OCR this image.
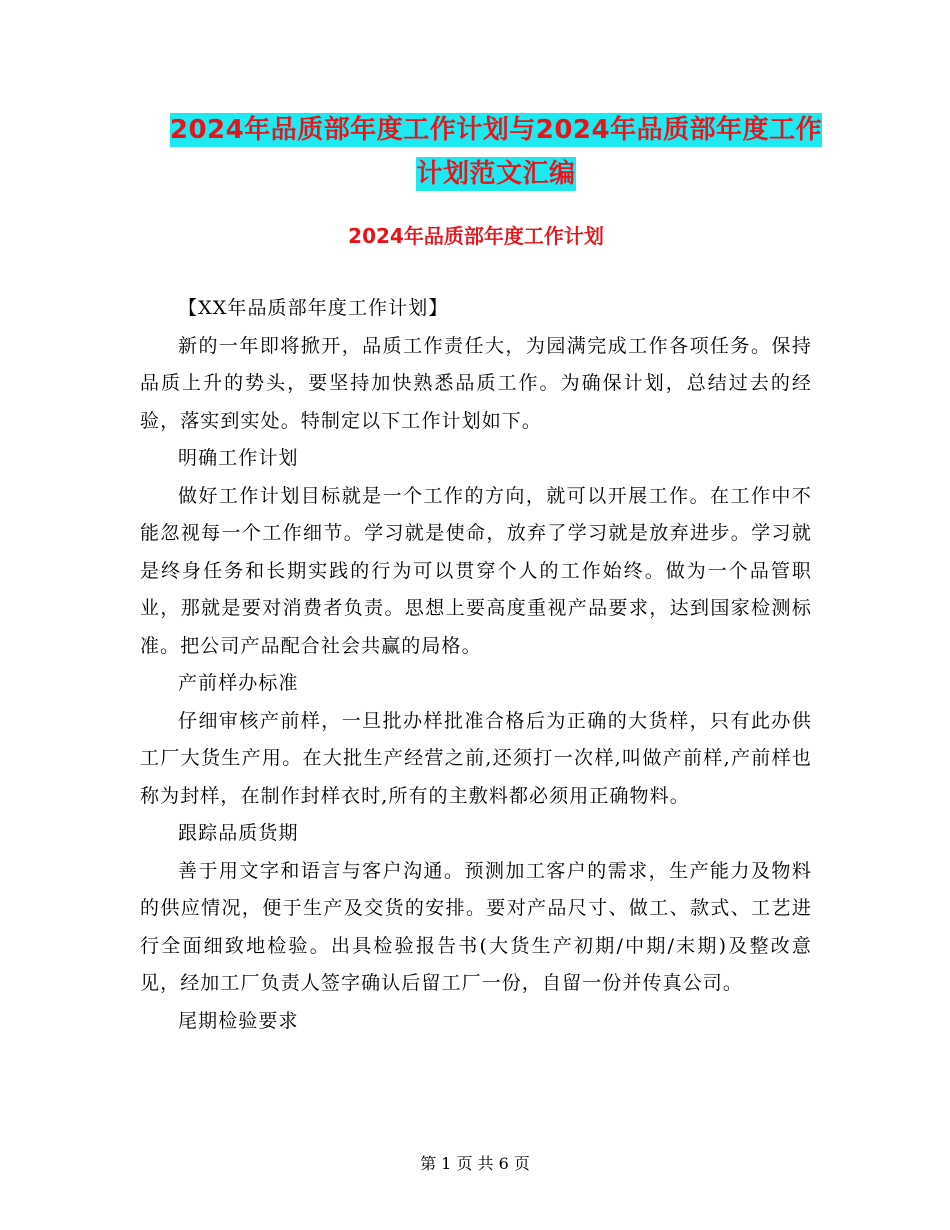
2024年品质部年度工作计划与2024年品质部年度工作
计划范文汇编
2024年品质部年度工作计划

【XX年品质部年度工作计划】

新的一年即将掀开，品质工作责任大，为园满完成工作各项任务。保持品质上升的势头，要坚持加快熟悉品质工作。为确保计划，总结过去的经验，落实到实处。特制定以下工作计划如下。

明确工作计划

做好工作计划目标就是一个工作的方向，就可以开展工作。在工作中不能忽视每一个工作细节。学习就是使命，放弃了学习就是放弃进步。学习就是终身任务和长期实践的行为可以贯穿个人的工作始终。做为一个品管职业，那就是要对消费者负责。思想上要高度重视产品要求，达到国家检测标准。把公司产品配合社会共赢的局格。

产前样办标准

仔细审核产前样，一旦批办样批准合格后为正确的大货样，只有此办供工厂大货生产用。在大批生产经营之前,还须打一次样,叫做产前样,产前样也称为封样，在制作封样衣时,所有的主敷料都必须用正确物料。

跟踪品质货期

善于用文字和语言与客户沟通。预测加工客户的需求，生产能力及物料的供应情况，便于生产及交货的安排。要对产品尺寸、做工、款式、工艺进行全面细致地检验。出具检验报告书(大货生产初期/中期/末期)及整改意见，经加工厂负责人签字确认后留工厂一份，自留一份并传真公司。

尾期检验要求

第 1 页 共 6 页
